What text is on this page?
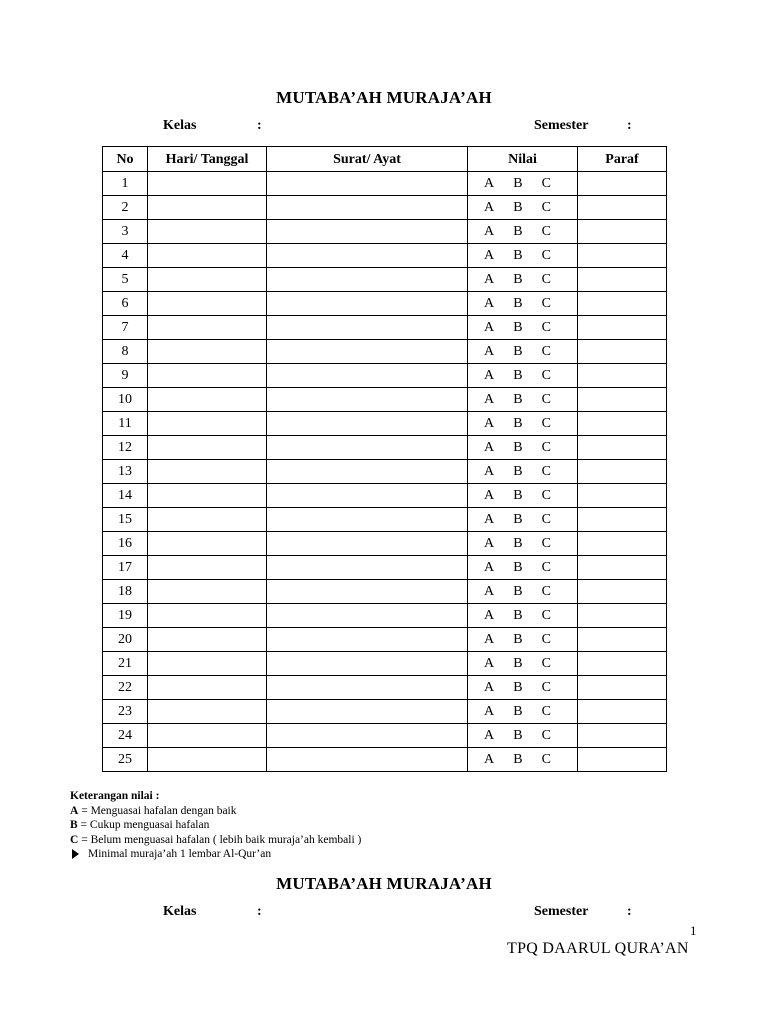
MUTABA’AH MURAJA’AH
Kelas	:	Semester	:
No	Hari/ Tanggal	Surat/ Ayat	Nilai	Paraf
1			A B C	

2			A B C	

3			A B C	

4			A B C	

5			A B C	

6			A B C	

7			A B C	

8			A B C	

9			A B C	

10			A B C	

11			A B C	

12			A B C	

13			A B C	

14			A B C	

15			A B C	

16			A B C	

17			A B C	

18			A B C	

19			A B C	

20			A B C	

21			A B C	

22			A B C	

23			A B C	

24			A B C	

25			A B C	

Keterangan nilai :
A = Menguasai hafalan dengan baik
B = Cukup menguasai hafalan
C = Belum menguasai hafalan ( lebih baik muraja’ah kembali )
Minimal muraja’ah 1 lembar Al-Qur’an
MUTABA’AH MURAJA’AH
Kelas	:	Semester	:
1
TPQ DAARUL QURA’AN
